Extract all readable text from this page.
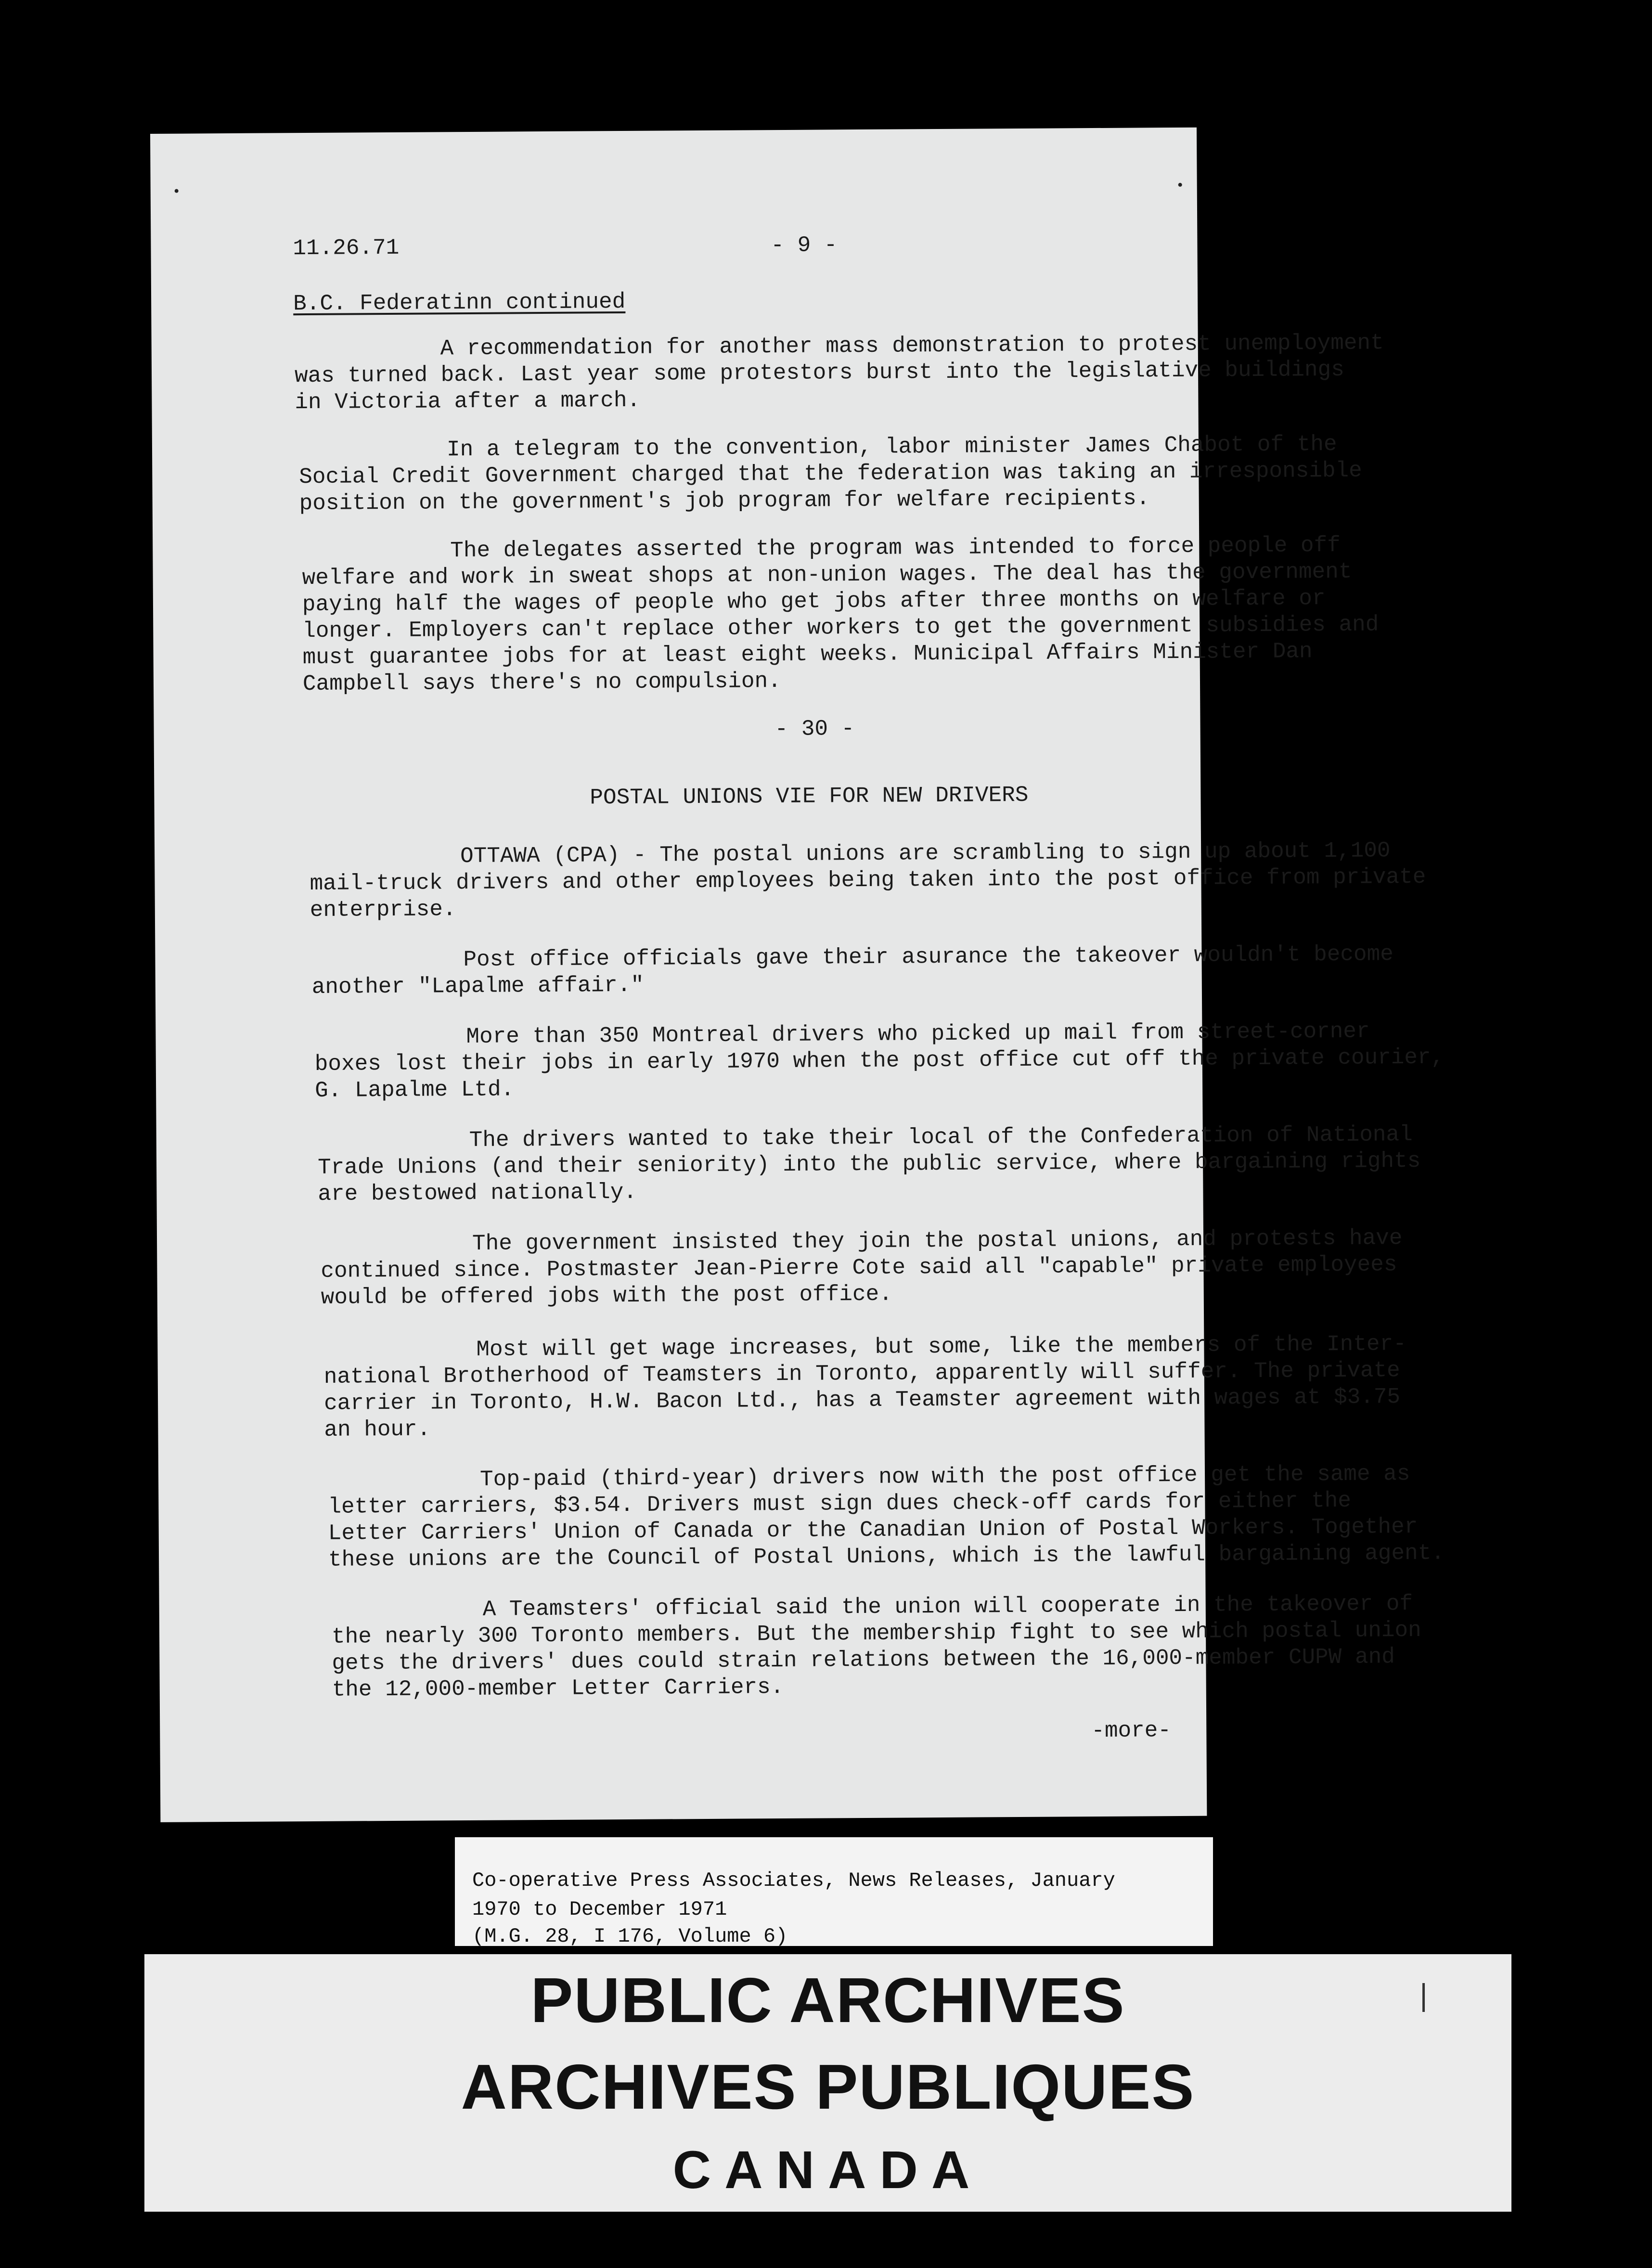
11.26.71	- 9 -
B.C. Federatinn continued
A recommendation for another mass demonstration to protest unemployment
was turned back. Last year some protestors burst into the legislative buildings
in Victoria after a march.
In a telegram to the convention, labor minister James Chabot of the
Social Credit Government charged that the federation was taking an irresponsible
position on the government's job program for welfare recipients.
The delegates asserted the program was intended to force people off
welfare and work in sweat shops at non-union wages. The deal has the government
paying half the wages of people who get jobs after three months on welfare or
longer. Employers can't replace other workers to get the government subsidies and
must guarantee jobs for at least eight weeks. Municipal Affairs Minister Dan
Campbell says there's no compulsion.
- 30 -
POSTAL UNIONS VIE FOR NEW DRIVERS
OTTAWA (CPA) - The postal unions are scrambling to sign up about 1,100
mail-truck drivers and other employees being taken into the post office from private
enterprise.
Post office officials gave their asurance the takeover wouldn't become
another "Lapalme affair."
More than 350 Montreal drivers who picked up mail from street-corner
boxes lost their jobs in early 1970 when the post office cut off the private courier,
G. Lapalme Ltd.
The drivers wanted to take their local of the Confederation of National
Trade Unions (and their seniority) into the public service, where bargaining rights
are bestowed nationally.
The government insisted they join the postal unions, and protests have
continued since. Postmaster Jean-Pierre Cote said all "capable" private employees
would be offered jobs with the post office.
Most will get wage increases, but some, like the members of the Inter-
national Brotherhood of Teamsters in Toronto, apparently will suffer. The private
carrier in Toronto, H.W. Bacon Ltd., has a Teamster agreement with wages at $3.75
an hour.
Top-paid (third-year) drivers now with the post office get the same as
letter carriers, $3.54. Drivers must sign dues check-off cards for either the
Letter Carriers' Union of Canada or the Canadian Union of Postal Workers. Together
these unions are the Council of Postal Unions, which is the lawful bargaining agent.
A Teamsters' official said the union will cooperate in the takeover of
the nearly 300 Toronto members. But the membership fight to see which postal union
gets the drivers' dues could strain relations between the 16,000-member CUPW and
the 12,000-member Letter Carriers.
-more-
Co-operative Press Associates, News Releases, January
1970 to December 1971
(M.G. 28, I 176, Volume 6)
PUBLIC ARCHIVES
ARCHIVES PUBLIQUES
CANADA
